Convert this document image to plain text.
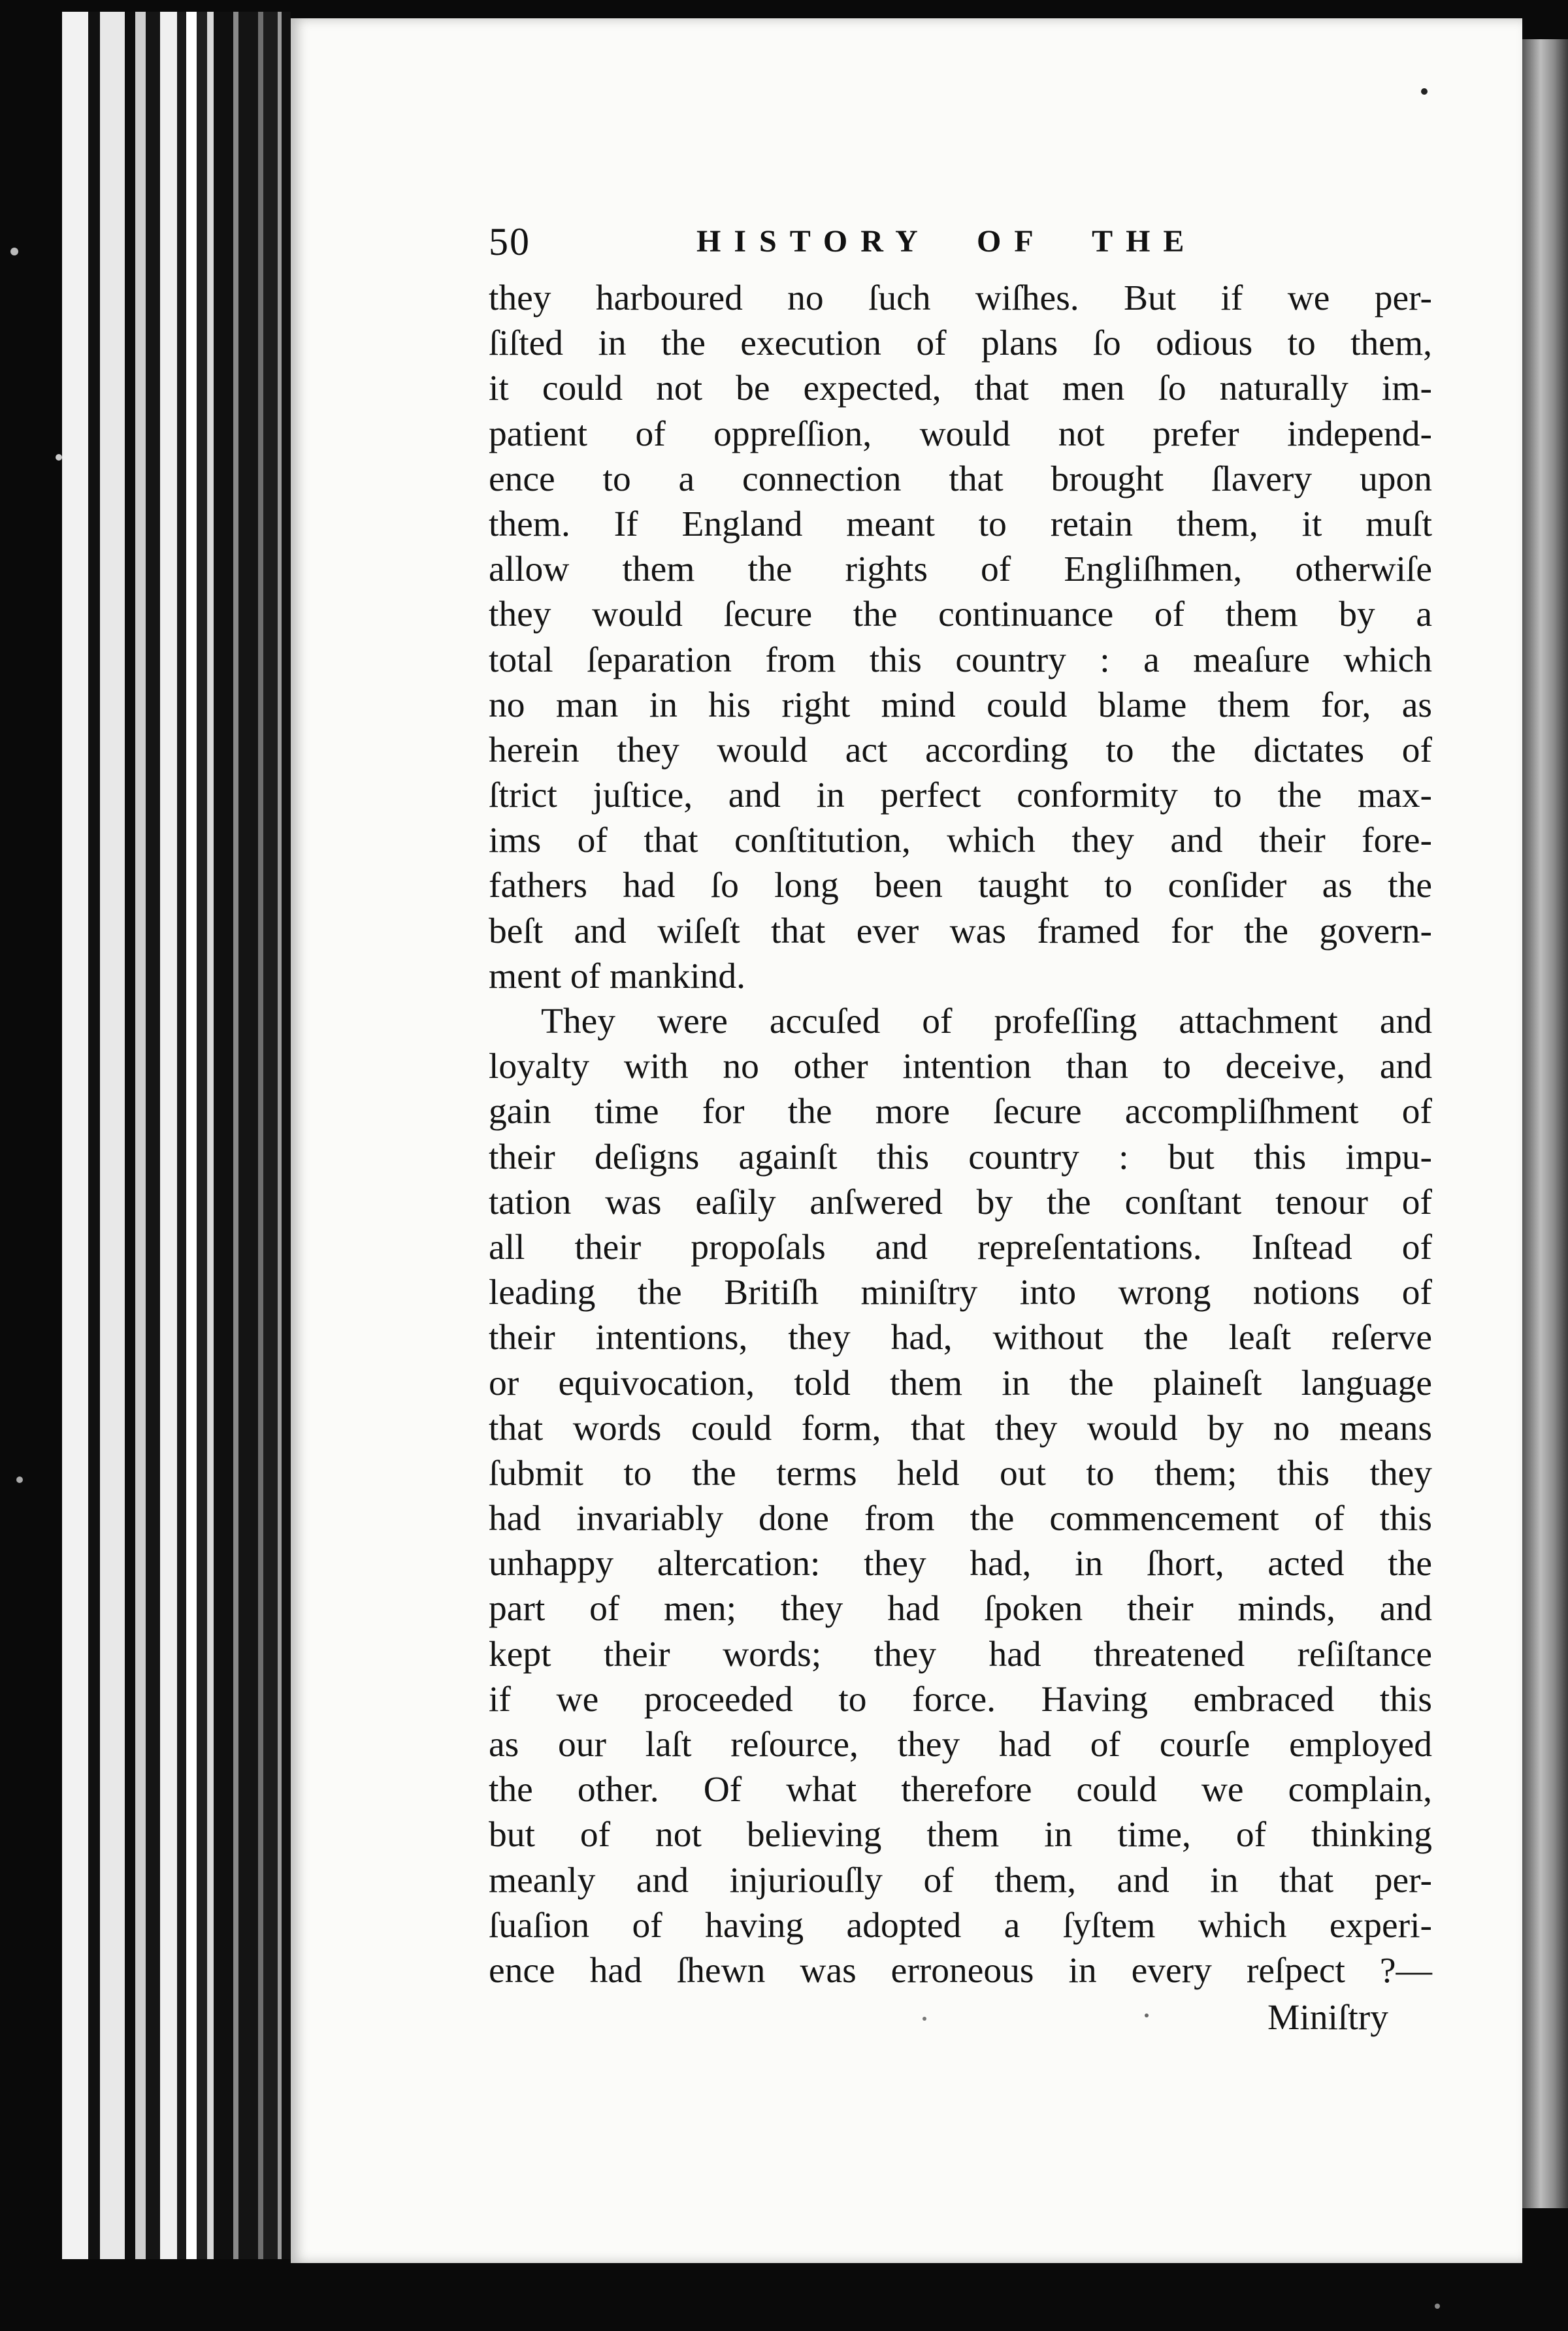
50	HISTORY OF THE
they harboured no ſuch wiſhes. But if we per-
ſiſted in the execution of plans ſo odious to them,
it could not be expected, that men ſo naturally im-
patient of oppreſſion, would not prefer independ-
ence to a connection that brought ſlavery upon
them. If England meant to retain them, it muſt
allow them the rights of Engliſhmen, otherwiſe
they would ſecure the continuance of them by a
total ſeparation from this country : a meaſure which
no man in his right mind could blame them for, as
herein they would act according to the dictates of
ſtrict juſtice, and in perfect conformity to the max-
ims of that conſtitution, which they and their fore-
fathers had ſo long been taught to conſider as the
beſt and wiſeſt that ever was framed for the govern-
ment of mankind.
They were accuſed of profeſſing attachment and
loyalty with no other intention than to deceive, and
gain time for the more ſecure accompliſhment of
their deſigns againſt this country : but this impu-
tation was eaſily anſwered by the conſtant tenour of
all their propoſals and repreſentations. Inſtead of
leading the Britiſh miniſtry into wrong notions of
their intentions, they had, without the leaſt reſerve
or equivocation, told them in the plaineſt language
that words could form, that they would by no means
ſubmit to the terms held out to them; this they
had invariably done from the commencement of this
unhappy altercation: they had, in ſhort, acted the
part of men; they had ſpoken their minds, and
kept their words; they had threatened reſiſtance
if we proceeded to force. Having embraced this
as our laſt reſource, they had of courſe employed
the other. Of what therefore could we complain,
but of not believing them in time, of thinking
meanly and injuriouſly of them, and in that per-
ſuaſion of having adopted a ſyſtem which experi-
ence had ſhewn was erroneous in every reſpect ?—
Miniſtry
